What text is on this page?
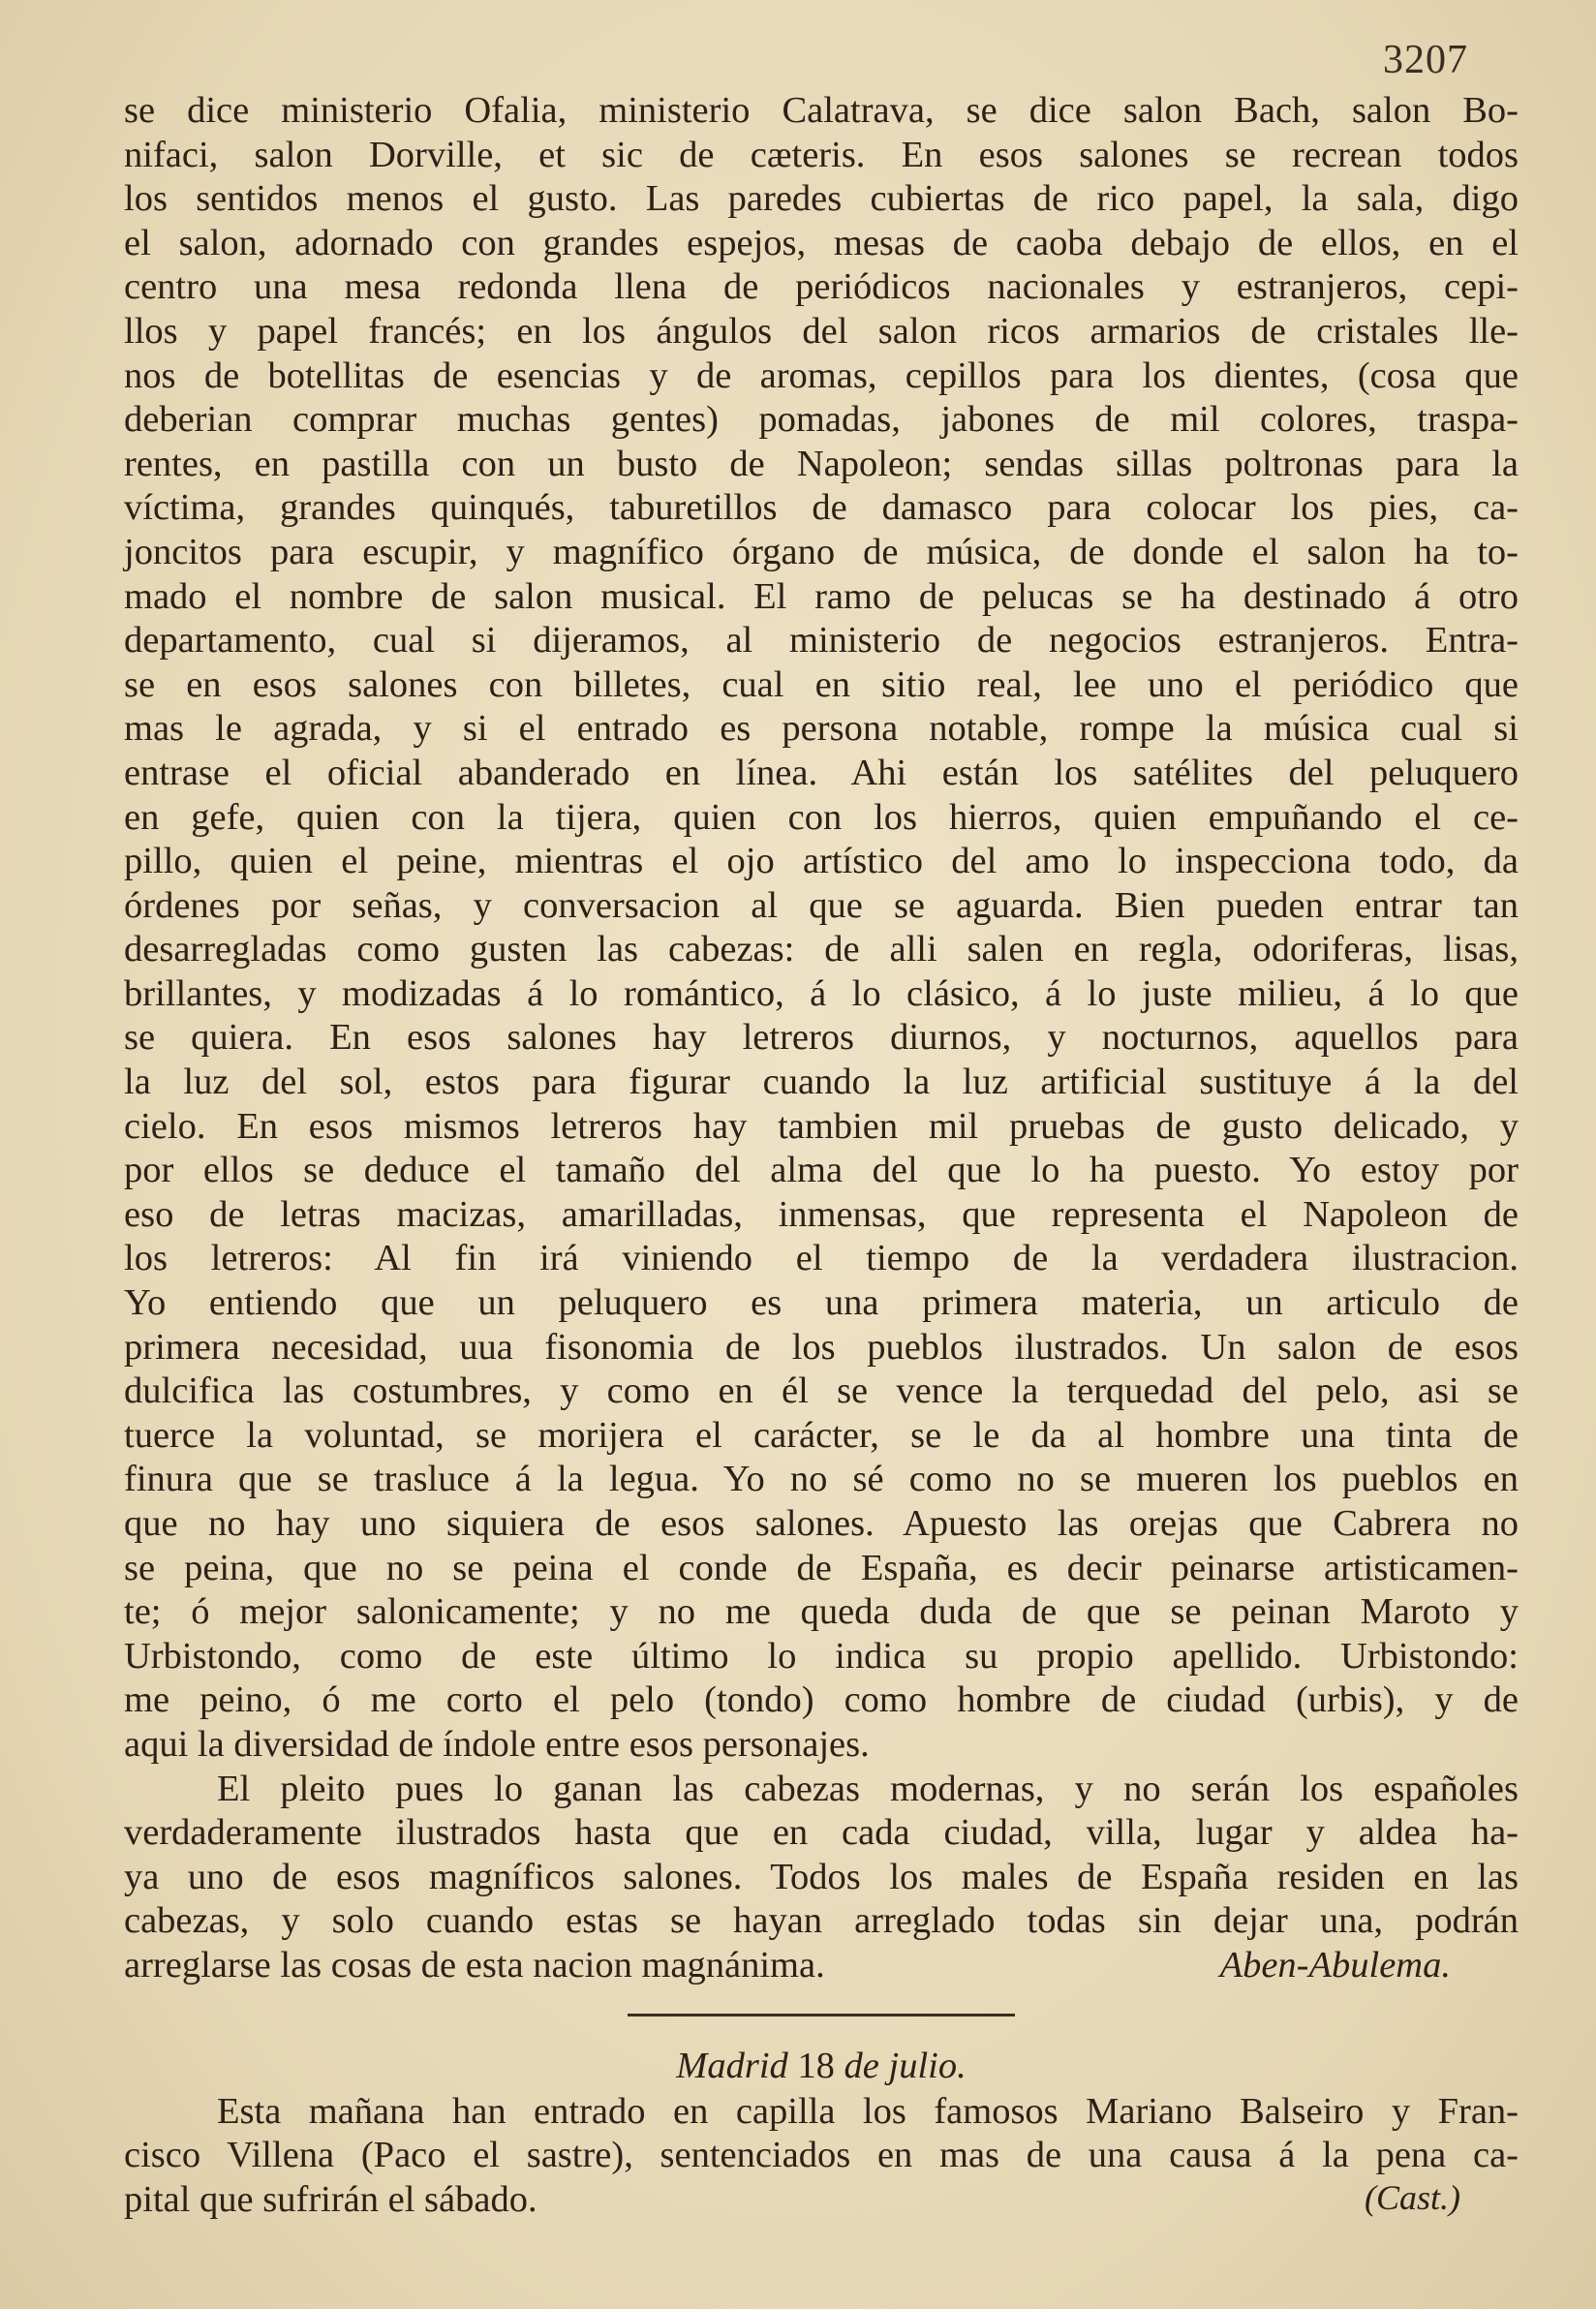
3207
se dice ministerio Ofalia, ministerio Calatrava, se dice salon Bach, salon Bo-
nifaci, salon Dorville, et sic de cæteris. En esos salones se recrean todos
los sentidos menos el gusto. Las paredes cubiertas de rico papel, la sala, digo
el salon, adornado con grandes espejos, mesas de caoba debajo de ellos, en el
centro una mesa redonda llena de periódicos nacionales y estranjeros, cepi-
llos y papel francés; en los ángulos del salon ricos armarios de cristales lle-
nos de botellitas de esencias y de aromas, cepillos para los dientes, (cosa que
deberian comprar muchas gentes) pomadas, jabones de mil colores, traspa-
rentes, en pastilla con un busto de Napoleon; sendas sillas poltronas para la
víctima, grandes quinqués, taburetillos de damasco para colocar los pies, ca-
joncitos para escupir, y magnífico órgano de música, de donde el salon ha to-
mado el nombre de salon musical. El ramo de pelucas se ha destinado á otro
departamento, cual si dijeramos, al ministerio de negocios estranjeros. Entra-
se en esos salones con billetes, cual en sitio real, lee uno el periódico que
mas le agrada, y si el entrado es persona notable, rompe la música cual si
entrase el oficial abanderado en línea. Ahi están los satélites del peluquero
en gefe, quien con la tijera, quien con los hierros, quien empuñando el ce-
pillo, quien el peine, mientras el ojo artístico del amo lo inspecciona todo, da
órdenes por señas, y conversacion al que se aguarda. Bien pueden entrar tan
desarregladas como gusten las cabezas: de alli salen en regla, odoriferas, lisas,
brillantes, y modizadas á lo romántico, á lo clásico, á lo juste milieu, á lo que
se quiera. En esos salones hay letreros diurnos, y nocturnos, aquellos para
la luz del sol, estos para figurar cuando la luz artificial sustituye á la del
cielo. En esos mismos letreros hay tambien mil pruebas de gusto delicado, y
por ellos se deduce el tamaño del alma del que lo ha puesto. Yo estoy por
eso de letras macizas, amarilladas, inmensas, que representa el Napoleon de
los letreros: Al fin irá viniendo el tiempo de la verdadera ilustracion.
Yo entiendo que un peluquero es una primera materia, un articulo de
primera necesidad, uua fisonomia de los pueblos ilustrados. Un salon de esos
dulcifica las costumbres, y como en él se vence la terquedad del pelo, asi se
tuerce la voluntad, se morijera el carácter, se le da al hombre una tinta de
finura que se trasluce á la legua. Yo no sé como no se mueren los pueblos en
que no hay uno siquiera de esos salones. Apuesto las orejas que Cabrera no
se peina, que no se peina el conde de España, es decir peinarse artisticamen-
te; ó mejor salonicamente; y no me queda duda de que se peinan Maroto y
Urbistondo, como de este último lo indica su propio apellido. Urbistondo:
me peino, ó me corto el pelo (tondo) como hombre de ciudad (urbis), y de
aqui la diversidad de índole entre esos personajes.
El pleito pues lo ganan las cabezas modernas, y no serán los españoles
verdaderamente ilustrados hasta que en cada ciudad, villa, lugar y aldea ha-
ya uno de esos magníficos salones. Todos los males de España residen en las
cabezas, y solo cuando estas se hayan arreglado todas sin dejar una, podrán
arreglarse las cosas de esta nacion magnánima.	Aben-Abulema.
Madrid 18 de julio.
Esta mañana han entrado en capilla los famosos Mariano Balseiro y Fran-
cisco Villena (Paco el sastre), sentenciados en mas de una causa á la pena ca-
pital que sufrirán el sábado.	(Cast.)
